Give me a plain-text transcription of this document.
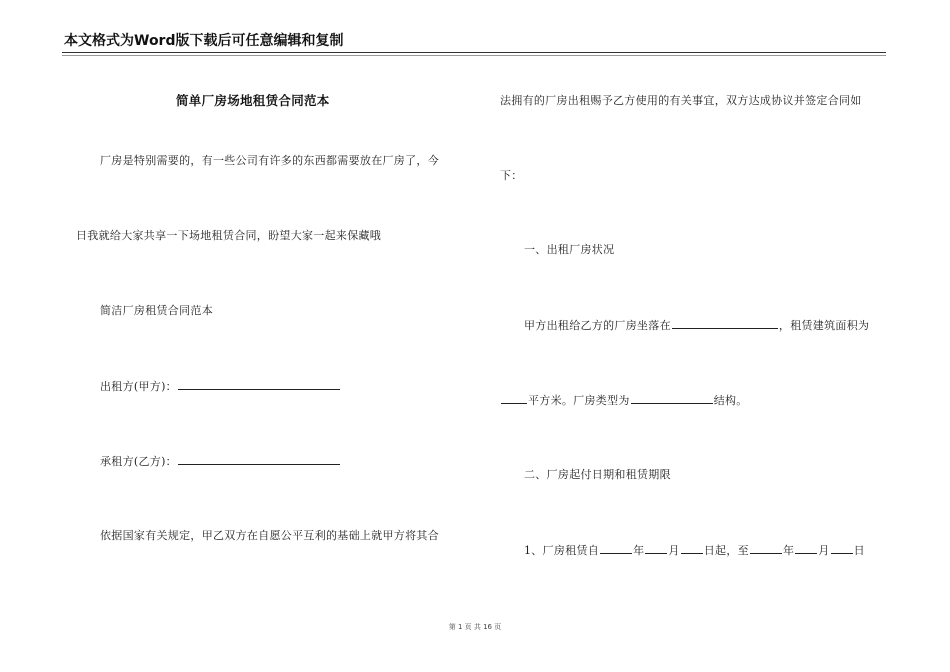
本文格式为Word版下载后可任意编辑和复制
简单厂房场地租赁合同范本
厂房是特别需要的，有一些公司有许多的东西都需要放在厂房了，今
日我就给大家共享一下场地租赁合同，盼望大家一起来保藏哦
简洁厂房租赁合同范本
出租方(甲方)：
承租方(乙方)：
依据国家有关规定，甲乙双方在自愿公平互利的基础上就甲方将其合
法拥有的厂房出租赐予乙方使用的有关事宜，双方达成协议并签定合同如
下：
一、出租厂房状况
甲方出租给乙方的厂房坐落在	，租赁建筑面积为
平方米。厂房类型为	结构。
二、厂房起付日期和租赁期限
1、厂房租赁自	年 月 日起，至	年 月 日
第 1 页 共 16 页
